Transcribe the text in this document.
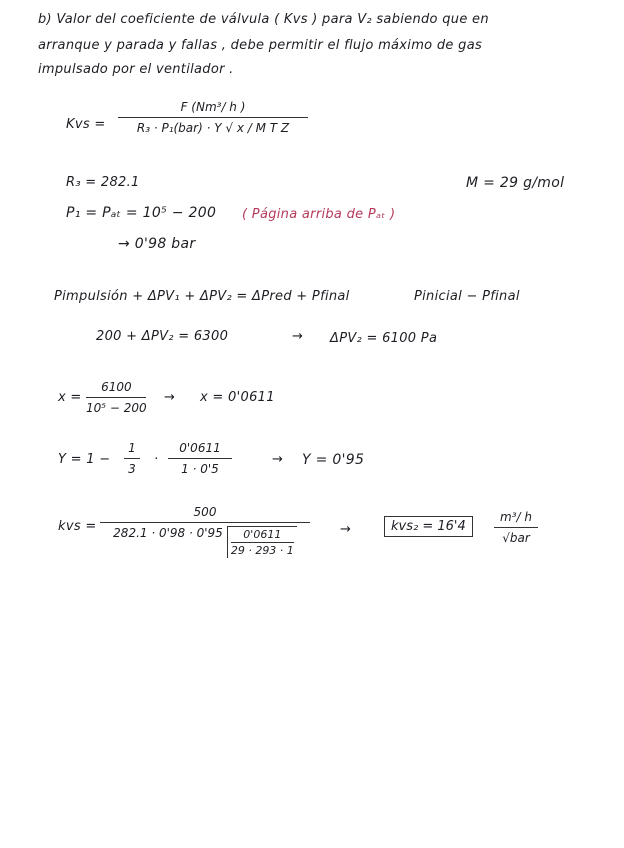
b) Valor del coeficiente de válvula ( Kvs ) para V₂ sabiendo que en
arranque y parada y fallas , debe permitir el flujo máximo de gas
impulsado por el ventilador .
Kvs =
F (Nm³/ h )
R₃ · P₁(bar) · Y √ x / M T Z
R₃ = 282.1	M = 29 g/mol
P₁ = Pₐₜ = 10⁵ − 200 ( Página arriba de Pₐₜ )
→ 0'98 bar
Pimpulsión + ΔPV₁ + ΔPV₂ = ΔPred + Pfinal	Pinicial − Pfinal
200 + ΔPV₂ = 6300	→ ΔPV₂ = 6100 Pa
x =
6100
10⁵ − 200
→ x = 0'0611
Y = 1 −
1
3
·
0'0611
1 · 0'5
→ Y = 0'95
kvs =
500
282.1 · 0'98 · 0'95 0'0611
29 · 293 · 1
→	kvs₂ = 16'4
m³/ h
√bar
